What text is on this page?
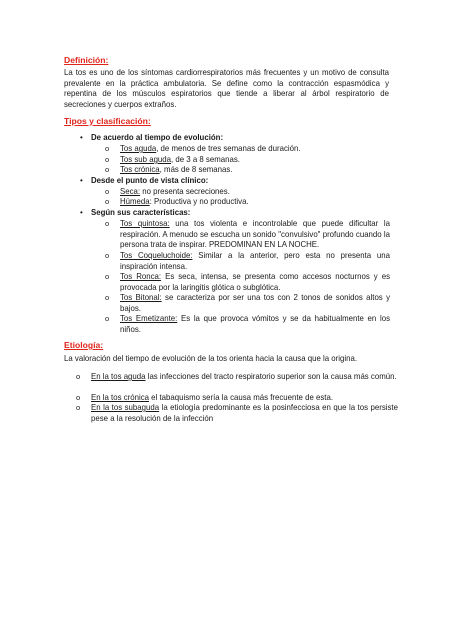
Definición:
La tos es uno de los síntomas cardiorrespiratorios más frecuentes y un motivo de consulta prevalente en la práctica ambulatoria. Se define como la contracción espasmódica y repentina de los músculos espiratorios que tiende a liberar al árbol respiratorio de secreciones y cuerpos extraños.
Tipos y clasificación:
• De acuerdo al tiempo de evolución:
o Tos aguda, de menos de tres semanas de duración.
o Tos sub aguda, de 3 a 8 semanas.
o Tos crónica, más de 8 semanas.
• Desde el punto de vista clínico:
o Seca: no presenta secreciones.
o Húmeda: Productiva y no productiva.
• Según sus características:
o Tos quintosa: una tos violenta e incontrolable que puede dificultar la respiración. A menudo se escucha un sonido "convulsivo" profundo cuando la persona trata de inspirar. PREDOMINAN EN LA NOCHE.
o Tos Coqueluchoide: Similar a la anterior, pero esta no presenta una inspiración intensa.
o Tos Ronca: Es seca, intensa, se presenta como accesos nocturnos y es provocada por la laringitis glótica o subglótica.
o Tos Bitonal: se caracteriza por ser una tos con 2 tonos de sonidos altos y bajos.
o Tos Emetizante: Es la que provoca vómitos y se da habitualmente en los niños.
Etiología:
La valoración del tiempo de evolución de la tos orienta hacia la causa que la origina.
o En la tos aguda las infecciones del tracto respiratorio superior son la causa más común.
o En la tos crónica el tabaquismo sería la causa más frecuente de esta.
o En la tos subaguda la etiología predominante es la posinfecciosa en que la tos persiste pese a la resolución de la infección
